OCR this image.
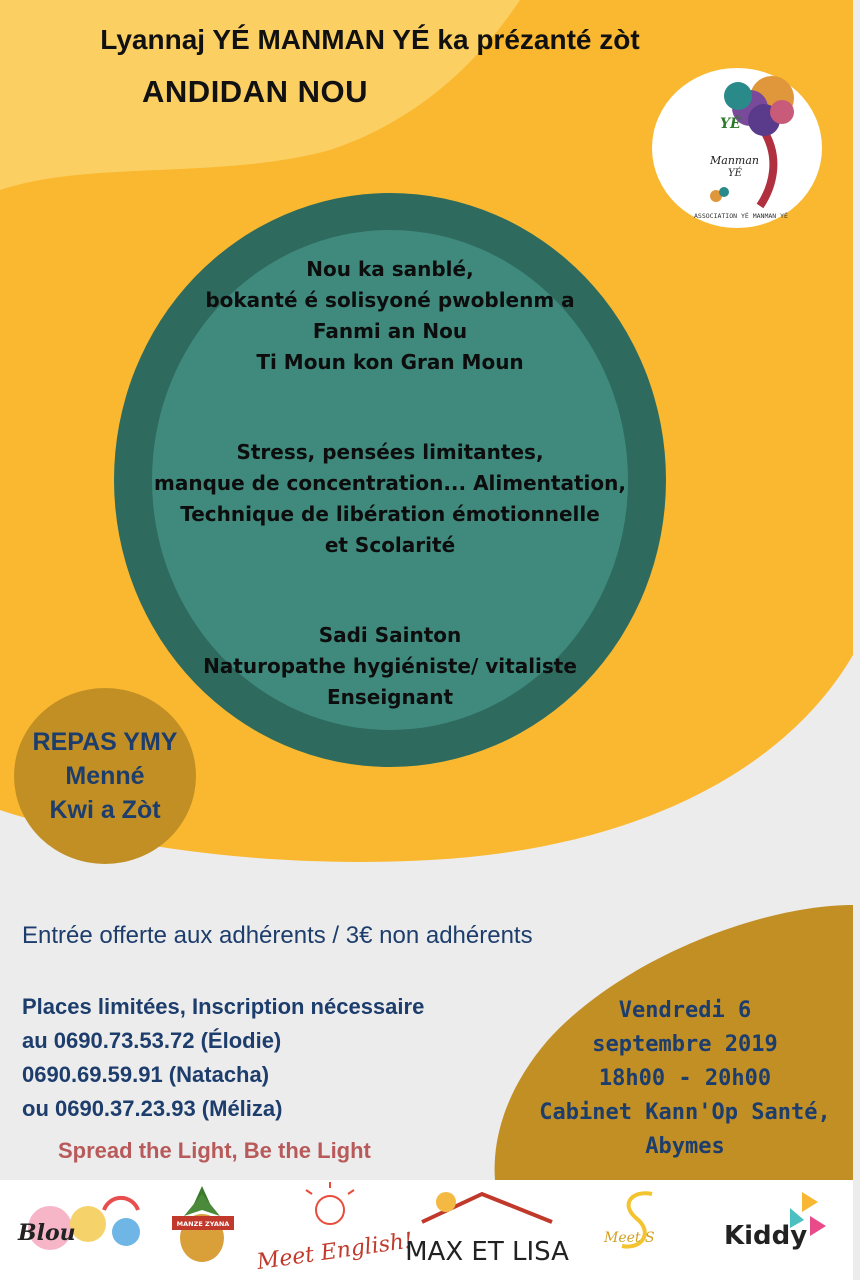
Lyannaj YÉ MANMAN YÉ ka prézanté zòt
ANDIDAN NOU
YÉ
Manman
YÉ
ASSOCIATION YÉ MANMAN YÉ
Nou ka sanblé,
bokanté é solisyoné pwoblenm a
Fanmi an Nou
Ti Moun kon Gran Moun
Stress, pensées limitantes,
manque de concentration... Alimentation,
Technique de libération émotionnelle
et Scolarité
Sadi Sainton
Naturopathe hygiéniste/ vitaliste
Enseignant
REPAS YMY
Menné
Kwi a Zòt
Entrée offerte aux adhérents / 3€ non adhérents
Places limitées, Inscription nécessaire
au 0690.73.53.72 (Élodie)
0690.69.59.91 (Natacha)
ou 0690.37.23.93 (Méliza)
Spread the Light, Be the Light
Vendredi 6
septembre 2019
18h00 - 20h00
Cabinet Kann'Op Santé,
Abymes
Blou	MANZE ZYANA
Meet English!
MAX ET LISA	Meet S	Kiddy
